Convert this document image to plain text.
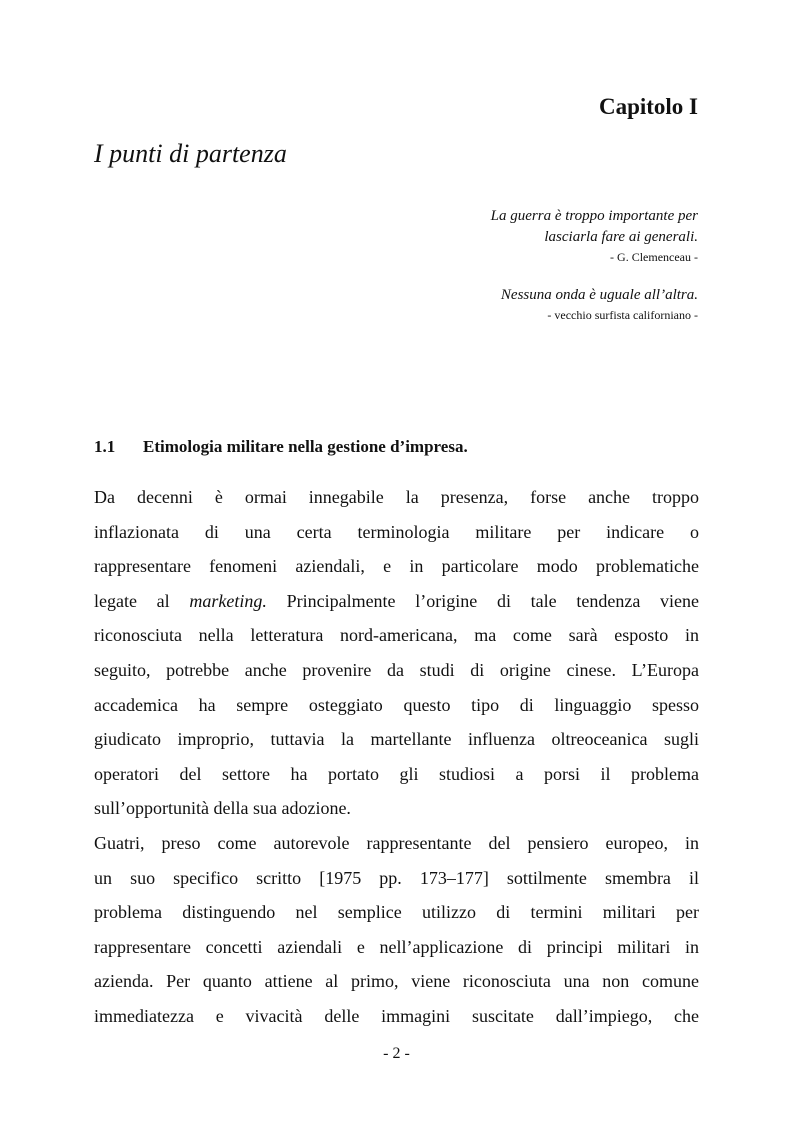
Capitolo I
I punti di partenza
La guerra è troppo importante per
lasciarla fare ai generali.
- G. Clemenceau -
Nessuna onda è uguale all’altra.
- vecchio surfista californiano -
1.1 Etimologia militare nella gestione d’impresa.
Da decenni è ormai innegabile la presenza, forse anche troppo
inflazionata di una certa terminologia militare per indicare o
rappresentare fenomeni aziendali, e in particolare modo problematiche
legate al marketing. Principalmente l’origine di tale tendenza viene
riconosciuta nella letteratura nord-americana, ma come sarà esposto in
seguito, potrebbe anche provenire da studi di origine cinese. L’Europa
accademica ha sempre osteggiato questo tipo di linguaggio spesso
giudicato improprio, tuttavia la martellante influenza oltreoceanica sugli
operatori del settore ha portato gli studiosi a porsi il problema
sull’opportunità della sua adozione.
Guatri, preso come autorevole rappresentante del pensiero europeo, in
un suo specifico scritto [1975 pp. 173–177] sottilmente smembra il
problema distinguendo nel semplice utilizzo di termini militari per
rappresentare concetti aziendali e nell’applicazione di principi militari in
azienda. Per quanto attiene al primo, viene riconosciuta una non comune
immediatezza e vivacità delle immagini suscitate dall’impiego, che

- 2 -
